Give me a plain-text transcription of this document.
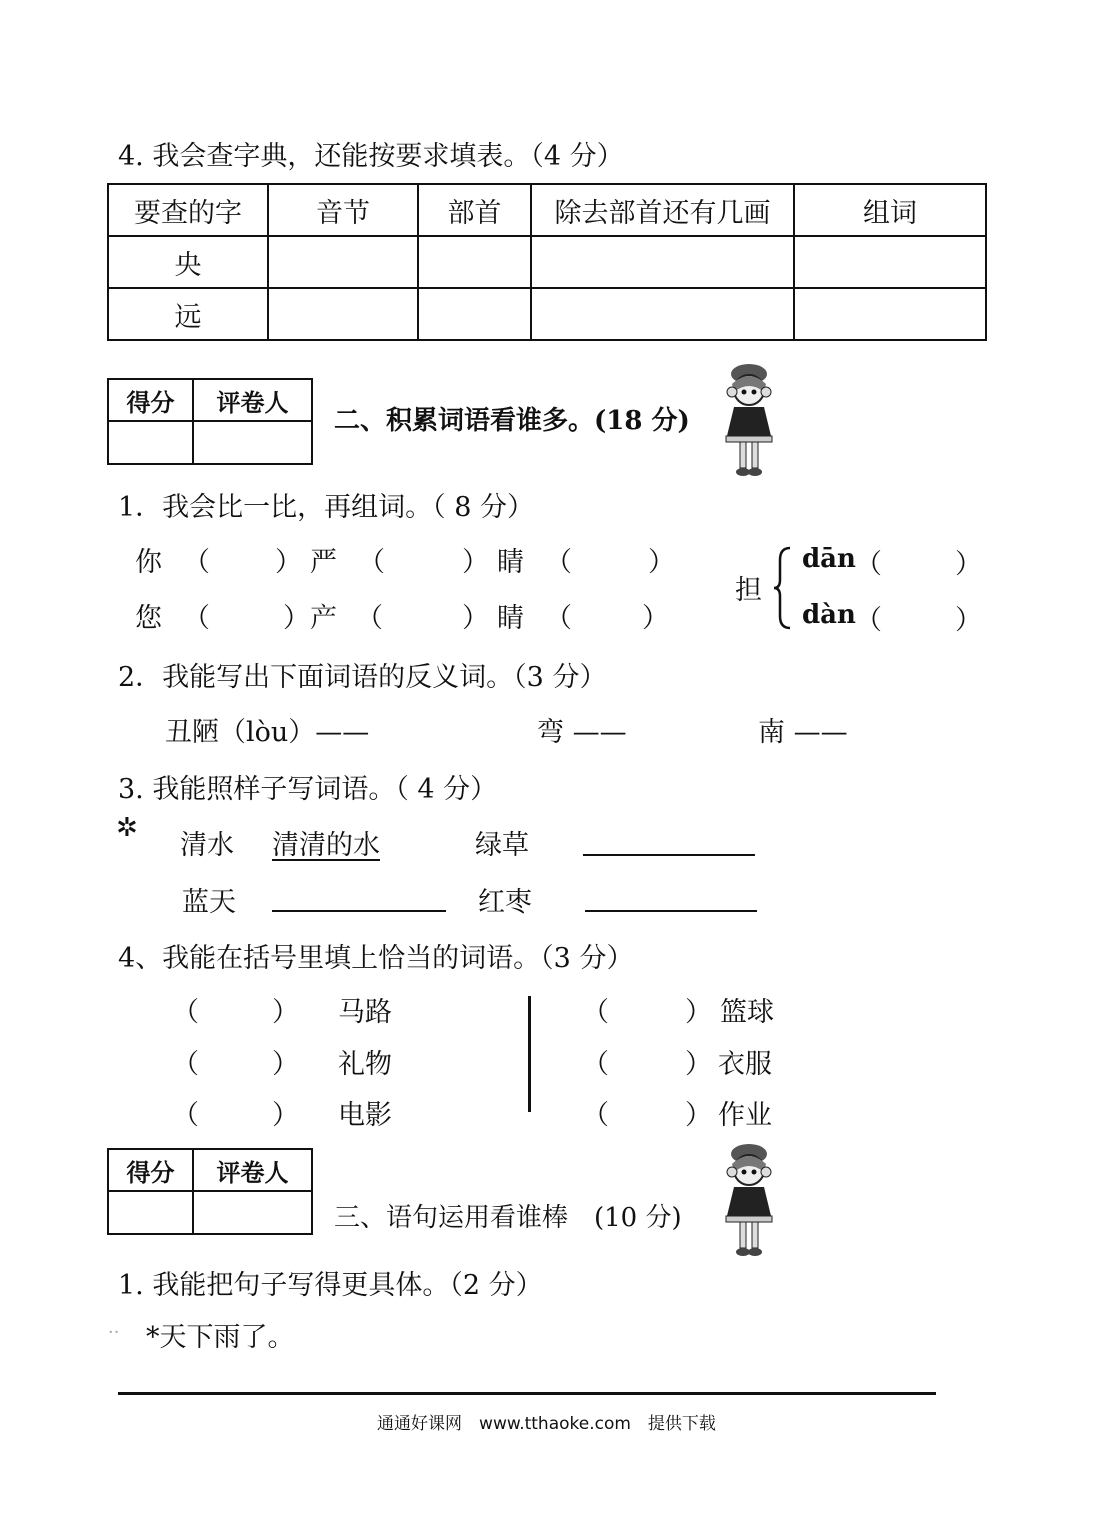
4. 我会查字典，还能按要求填表。（4 分）
要查的字	音节	部首	除去部首还有几画	组词
央				
远				
得分	评卷人

二、积累词语看谁多。(18 分)
1．我会比一比，再组词。（ 8 分）
你 （ ） 严 （	） 睛 （	）
您 （	） 产 （	） 睛 （	）
担
dān （	）
dàn （	）
2．我能写出下面词语的反义词。（3 分）
丑陋（lòu）——	弯 ——	南 ——
3. 我能照样子写词语。（ 4 分）
✲
清水 清清的水	绿草
蓝天	红枣
4、我能在括号里填上恰当的词语。（3 分）
（	） 马路
（	） 礼物
（	） 电影
（	） 篮球
（	） 衣服
（	） 作业
得分	评卷人

三、语句运用看谁棒　(10 分)
1. 我能把句子写得更具体。（2 分）
·· *天下雨了。
通通好课网　www.tthaoke.com　提供下载
